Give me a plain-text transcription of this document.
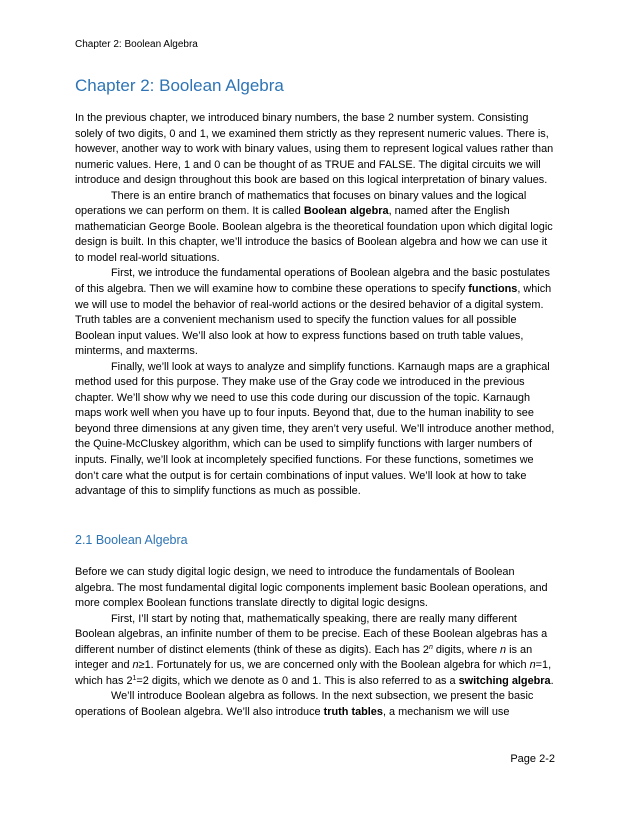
Chapter 2: Boolean Algebra
Chapter 2: Boolean Algebra

In the previous chapter, we introduced binary numbers, the base 2 number system. Consisting solely of two digits, 0 and 1, we examined them strictly as they represent numeric values. There is, however, another way to work with binary values, using them to represent logical values rather than numeric values. Here, 1 and 0 can be thought of as TRUE and FALSE. The digital circuits we will introduce and design throughout this book are based on this logical interpretation of binary values.

There is an entire branch of mathematics that focuses on binary values and the logical operations we can perform on them. It is called Boolean algebra, named after the English mathematician George Boole. Boolean algebra is the theoretical foundation upon which digital logic design is built. In this chapter, we’ll introduce the basics of Boolean algebra and how we can use it to model real-world situations.

First, we introduce the fundamental operations of Boolean algebra and the basic postulates of this algebra. Then we will examine how to combine these operations to specify functions, which we will use to model the behavior of real-world actions or the desired behavior of a digital system. Truth tables are a convenient mechanism used to specify the function values for all possible Boolean input values. We’ll also look at how to express functions based on truth table values, minterms, and maxterms.

Finally, we’ll look at ways to analyze and simplify functions. Karnaugh maps are a graphical method used for this purpose. They make use of the Gray code we introduced in the previous chapter. We’ll show why we need to use this code during our discussion of the topic. Karnaugh maps work well when you have up to four inputs. Beyond that, due to the human inability to see beyond three dimensions at any given time, they aren’t very useful. We’ll introduce another method, the Quine-McCluskey algorithm, which can be used to simplify functions with larger numbers of inputs. Finally, we’ll look at incompletely specified functions. For these functions, sometimes we don’t care what the output is for certain combinations of input values. We’ll look at how to take advantage of this to simplify functions as much as possible.

2.1 Boolean Algebra

Before we can study digital logic design, we need to introduce the fundamentals of Boolean algebra. The most fundamental digital logic components implement basic Boolean operations, and more complex Boolean functions translate directly to digital logic designs.

First, I’ll start by noting that, mathematically speaking, there are really many different Boolean algebras, an infinite number of them to be precise. Each of these Boolean algebras has a different number of distinct elements (think of these as digits). Each has 2$^n$ digits, where n is an integer and n≥1. Fortunately for us, we are concerned only with the Boolean algebra for which n=1, which has $2^1=2$ digits, which we denote as 0 and 1. This is also referred to as a switching algebra.

We’ll introduce Boolean algebra as follows. In the next subsection, we present the basic operations of Boolean algebra. We’ll also introduce truth tables, a mechanism we will use

Page 2-2
